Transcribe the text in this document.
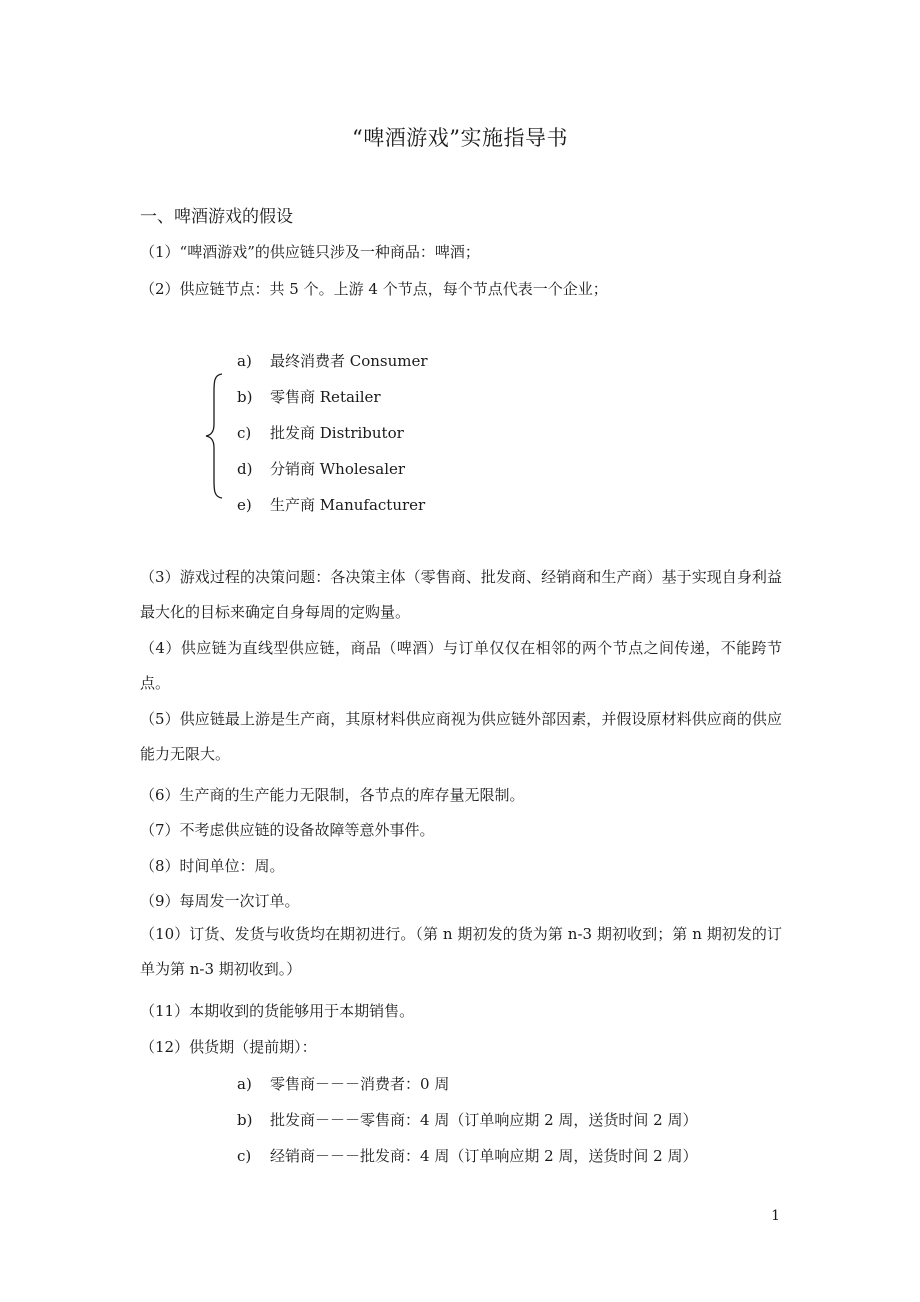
“啤酒游戏”实施指导书
一、啤酒游戏的假设
（1）“啤酒游戏”的供应链只涉及一种商品：啤酒；
（2）供应链节点：共 5 个。上游 4 个节点，每个节点代表一个企业；
a) 最终消费者 Consumer
b) 零售商 Retailer
c) 批发商 Distributor
d) 分销商 Wholesaler
e) 生产商 Manufacturer
（3）游戏过程的决策问题：各决策主体（零售商、批发商、经销商和生产商）基于实现自身利益最大化的目标来确定自身每周的定购量。
（4）供应链为直线型供应链，商品（啤酒）与订单仅仅在相邻的两个节点之间传递，不能跨节点。
（5）供应链最上游是生产商，其原材料供应商视为供应链外部因素，并假设原材料供应商的供应能力无限大。
（6）生产商的生产能力无限制，各节点的库存量无限制。
（7）不考虑供应链的设备故障等意外事件。
（8）时间单位：周。
（9）每周发一次订单。
（10）订货、发货与收货均在期初进行。（第 n 期初发的货为第 n-3 期初收到；第 n 期初发的订单为第 n-3 期初收到。）
（11）本期收到的货能够用于本期销售。
（12）供货期（提前期）：
a) 零售商－－－消费者：0 周
b) 批发商－－－零售商：4 周（订单响应期 2 周，送货时间 2 周）
c) 经销商－－－批发商：4 周（订单响应期 2 周，送货时间 2 周）
1
